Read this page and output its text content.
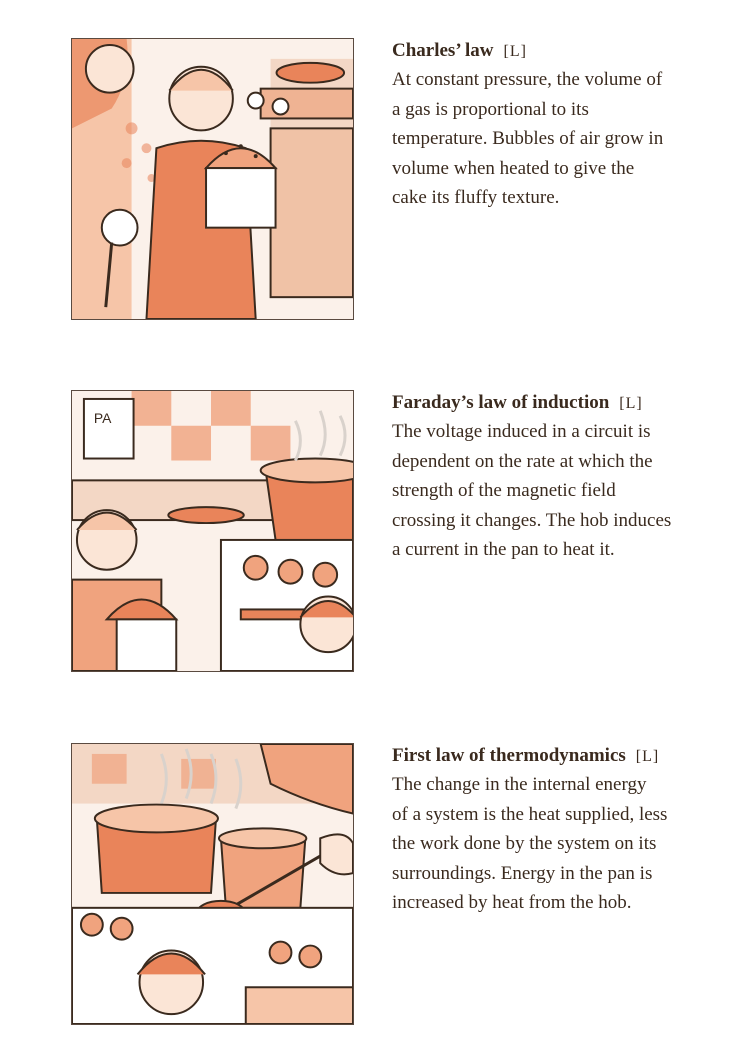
Charles’ law [L]

At constant pressure, the volume of
a gas is proportional to its
temperature. Bubbles of air grow in
volume when heated to give the
cake its fluffy texture.

PA
Faraday’s law of induction [L]

The voltage induced in a circuit is
dependent on the rate at which the
strength of the magnetic field
crossing it changes. The hob induces
a current in the pan to heat it.

First law of thermodynamics [L]

The change in the internal energy
of a system is the heat supplied, less
the work done by the system on its
surroundings. Energy in the pan is
increased by heat from the hob.
